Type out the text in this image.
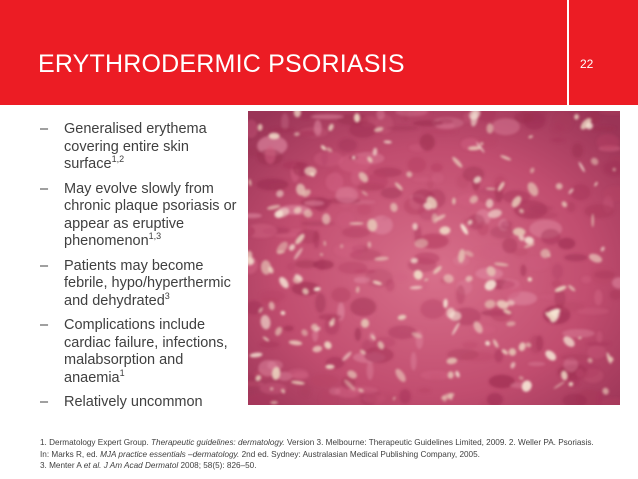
ERYTHRODERMIC PSORIASIS	22
– Generalised erythema covering entire skin surface$^{1,2}$
– May evolve slowly from chronic plaque psoriasis or appear as eruptive phenomenon$^{1,3}$
– Patients may become febrile, hypo/hyperthermic and dehydrated$^3$
– Complications include cardiac failure, infections, malabsorption and anaemia$^1$
– Relatively uncommon
1. Dermatology Expert Group. Therapeutic guidelines: dermatology. Version 3. Melbourne: Therapeutic Guidelines Limited, 2009. 2. Weller PA. Psoriasis. In: Marks R, ed. MJA practice essentials –dermatology. 2nd ed. Sydney: Australasian Medical Publishing Company, 2005.
3. Menter A et al. J Am Acad Dermatol 2008; 58(5): 826–50.
